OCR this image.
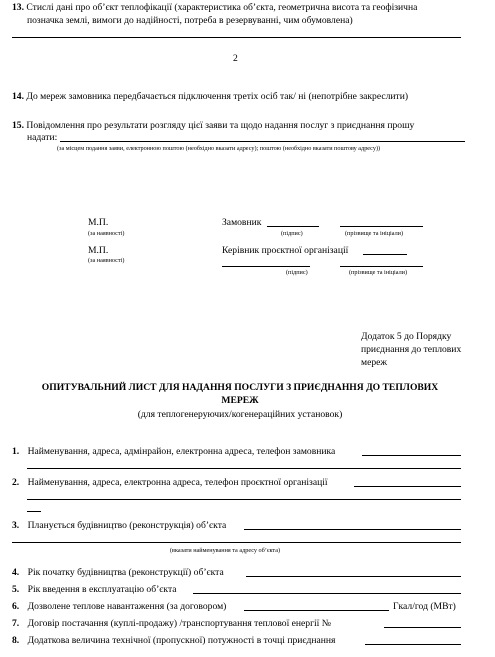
13. Стислі дані про об’єкт теплофікації (характеристика об’єкта, геометрична висота та геофізична
позначка землі, вимоги до надійності, потреба в резервуванні, чим обумовлена)
2
14. До мереж замовника передбачається підключення третіх осіб так/ ні (непотрібне закреслити)
15. Повідомлення про результати розгляду цієї заяви та щодо надання послуг з приєднання прошу
надати:
(за місцем подання заяви, електронною поштою (необхідно вказати адресу); поштою (необхідно вказати поштову адресу))
М.П.
(за наявності)
Замовник
(підпис)	(прізвище та ініціали)
М.П.
(за наявності)
Керівник проєктної організації
(підпис)	(прізвище та ініціали)
Додаток 5 до Порядку
приєднання до теплових
мереж
ОПИТУВАЛЬНИЙ ЛИСТ ДЛЯ НАДАННЯ ПОСЛУГИ З ПРИЄДНАННЯ ДО ТЕПЛОВИХ
МЕРЕЖ
(для теплогенеруючих/когенераційних установок)
1. Найменування, адреса, адмінрайон, електронна адреса, телефон замовника
2. Найменування, адреса, електронна адреса, телефон проєктної організації
3. Планується будівництво (реконструкція) об’єкта
(вказати найменування та адресу об’єкта)
4. Рік початку будівництва (реконструкції) об’єкта
5. Рік введення в експлуатацію об’єкта
6. Дозволене теплове навантаження (за договором)	Гкал/год (МВт)
7. Договір постачання (куплі-продажу) /транспортування теплової енергії №
8. Додаткова величина технічної (пропускної) потужності в точці приєднання
